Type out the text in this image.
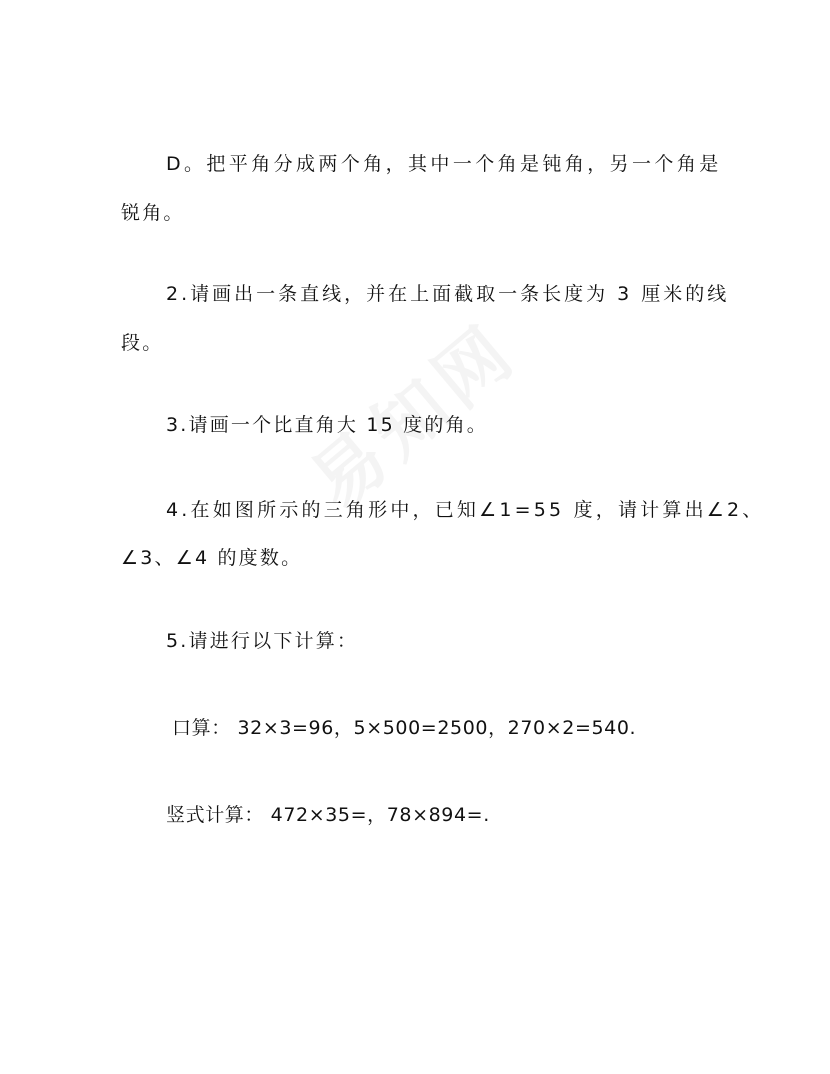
D。把平角分成两个角，其中一个角是钝角，另一个角是
锐角。
2.请画出一条直线，并在上面截取一条长度为 3 厘米的线
段。
3.请画一个比直角大 15 度的角。
4.在如图所示的三角形中，已知∠1=55 度，请计算出∠2、
∠3、∠4 的度数。
5.请进行以下计算：
口算： 32×3=96，5×500=2500，270×2=540.
竖式计算： 472×35=，78×894=.
